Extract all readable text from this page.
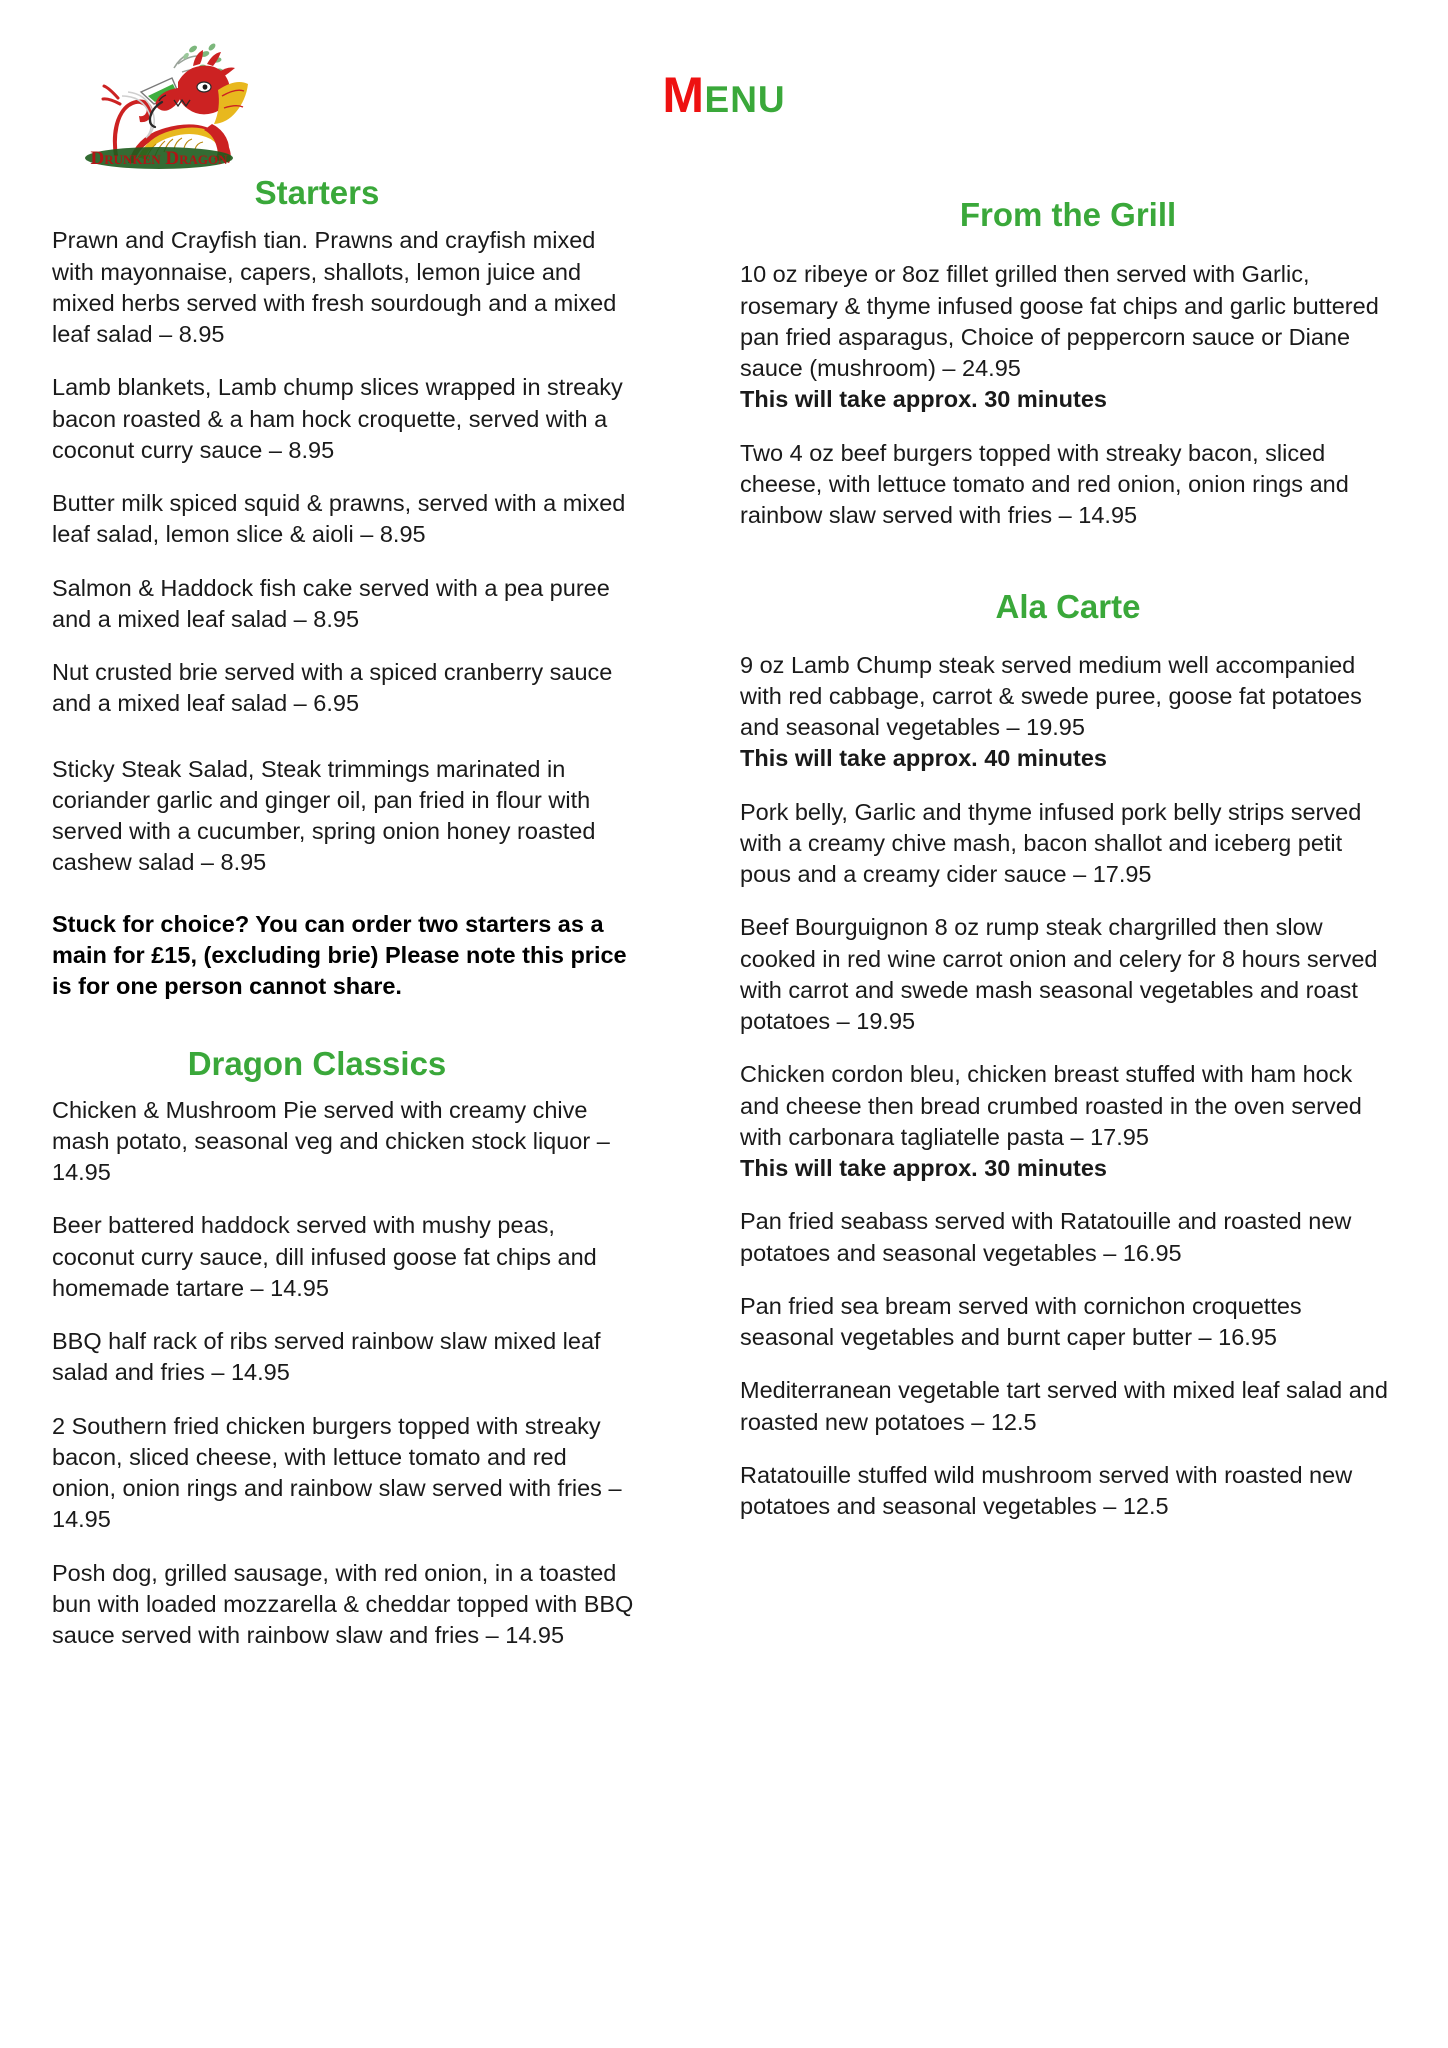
DRUNKEN DRAGON
MENU
Starters

Prawn and Crayfish tian. Prawns and crayfish mixed with mayonnaise, capers, shallots, lemon juice and mixed herbs served with fresh sourdough and a mixed leaf salad – 8.95

Lamb blankets, Lamb chump slices wrapped in streaky bacon roasted & a ham hock croquette, served with a coconut curry sauce – 8.95

Butter milk spiced squid & prawns, served with a mixed leaf salad, lemon slice & aioli – 8.95

Salmon & Haddock fish cake served with a pea puree and a mixed leaf salad – 8.95

Nut crusted brie served with a spiced cranberry sauce and a mixed leaf salad – 6.95

Sticky Steak Salad, Steak trimmings marinated in coriander garlic and ginger oil, pan fried in flour with served with a cucumber, spring onion honey roasted cashew salad – 8.95

Stuck for choice? You can order two starters as a main for £15, (excluding brie) Please note this price is for one person cannot share.

Dragon Classics

Chicken & Mushroom Pie served with creamy chive mash potato, seasonal veg and chicken stock liquor – 14.95

Beer battered haddock served with mushy peas, coconut curry sauce, dill infused goose fat chips and homemade tartare – 14.95

BBQ half rack of ribs served rainbow slaw mixed leaf salad and fries – 14.95

2 Southern fried chicken burgers topped with streaky bacon, sliced cheese, with lettuce tomato and red onion, onion rings and rainbow slaw served with fries – 14.95

Posh dog, grilled sausage, with red onion, in a toasted bun with loaded mozzarella & cheddar topped with BBQ sauce served with rainbow slaw and fries – 14.95

From the Grill

10 oz ribeye or 8oz fillet grilled then served with Garlic, rosemary & thyme infused goose fat chips and garlic buttered pan fried asparagus, Choice of peppercorn sauce or Diane sauce (mushroom) – 24.95
This will take approx. 30 minutes

Two 4 oz beef burgers topped with streaky bacon, sliced cheese, with lettuce tomato and red onion, onion rings and rainbow slaw served with fries – 14.95

Ala Carte

9 oz Lamb Chump steak served medium well accompanied with red cabbage, carrot & swede puree, goose fat potatoes and seasonal vegetables – 19.95
This will take approx. 40 minutes

Pork belly, Garlic and thyme infused pork belly strips served with a creamy chive mash, bacon shallot and iceberg petit pous and a creamy cider sauce – 17.95

Beef Bourguignon 8 oz rump steak chargrilled then slow cooked in red wine carrot onion and celery for 8 hours served with carrot and swede mash seasonal vegetables and roast potatoes – 19.95

Chicken cordon bleu, chicken breast stuffed with ham hock and cheese then bread crumbed roasted in the oven served with carbonara tagliatelle pasta – 17.95
This will take approx. 30 minutes

Pan fried seabass served with Ratatouille and roasted new potatoes and seasonal vegetables – 16.95

Pan fried sea bream served with cornichon croquettes seasonal vegetables and burnt caper butter – 16.95

Mediterranean vegetable tart served with mixed leaf salad and roasted new potatoes – 12.5

Ratatouille stuffed wild mushroom served with roasted new potatoes and seasonal vegetables – 12.5
